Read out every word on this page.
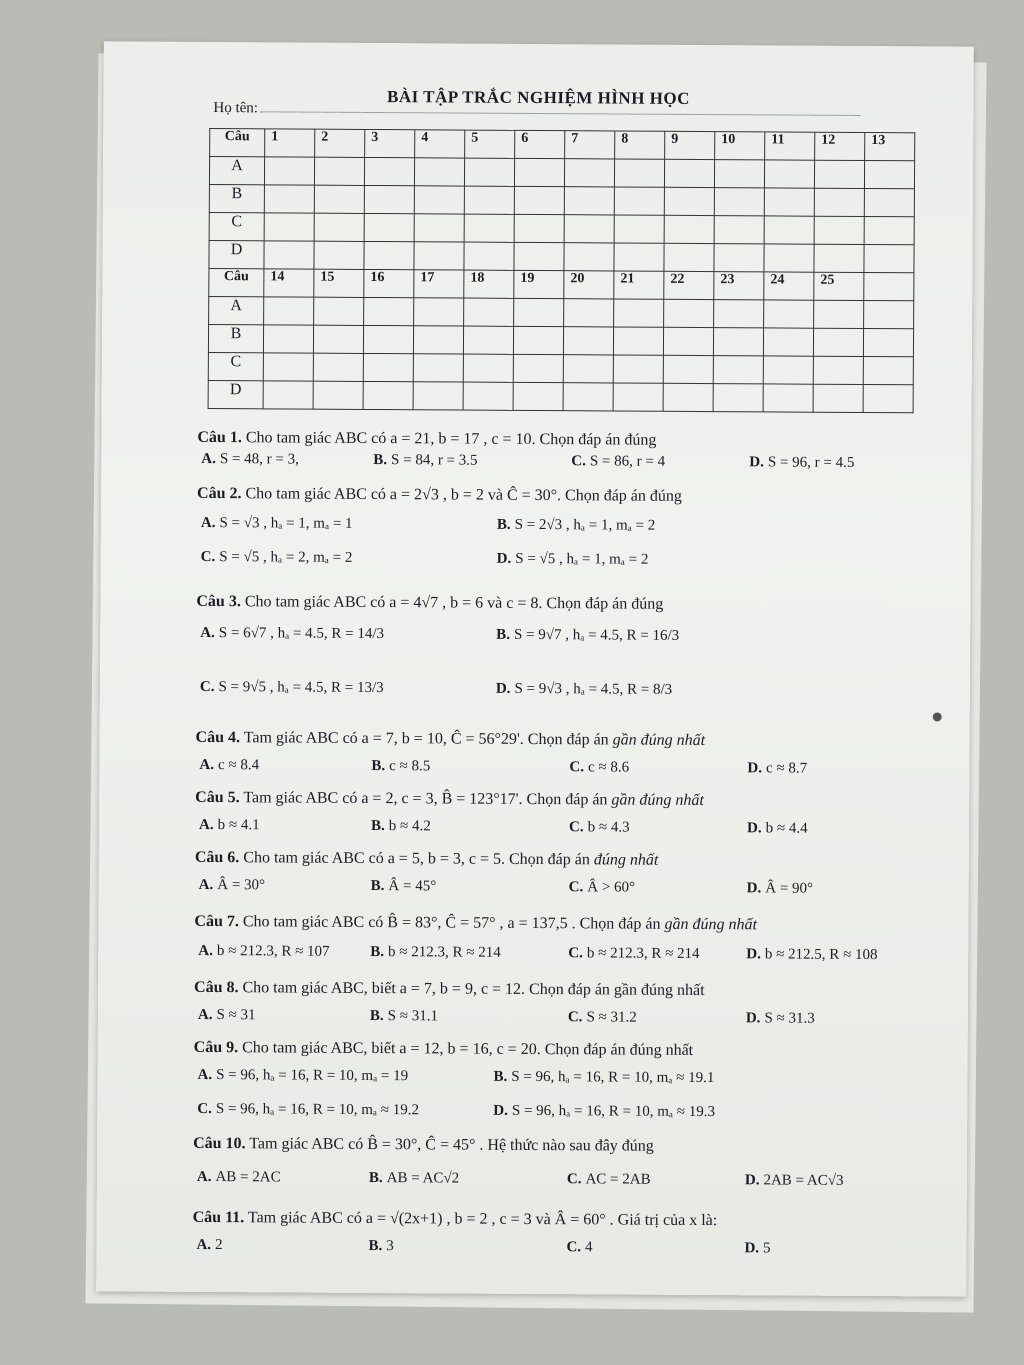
BÀI TẬP TRẮC NGHIỆM HÌNH HỌC
Họ tên:
Câu	1	2	3	4	5	6	7	8	9	10	11	12	13
A													
B													
C													
D													
Câu	14	15	16	17	18	19	20	21	22	23	24	25	
A													
B													
C													
D													
Câu 1. Cho tam giác ABC có a = 21, b = 17 , c = 10. Chọn đáp án đúng
A. S = 48, r = 3,	B. S = 84, r = 3.5	C. S = 86, r = 4	D. S = 96, r = 4.5
Câu 2. Cho tam giác ABC có a = 2√3 , b = 2 và Ĉ = 30°. Chọn đáp án đúng
A. S = √3 , hₐ = 1, mₐ = 1	B. S = 2√3 , hₐ = 1, mₐ = 2
C. S = √5 , hₐ = 2, mₐ = 2	D. S = √5 , hₐ = 1, mₐ = 2
Câu 3. Cho tam giác ABC có a = 4√7 , b = 6 và c = 8. Chọn đáp án đúng
A. S = 6√7 , hₐ = 4.5, R = 14/3	B. S = 9√7 , hₐ = 4.5, R = 16/3
C. S = 9√5 , hₐ = 4.5, R = 13/3	D. S = 9√3 , hₐ = 4.5, R = 8/3
Câu 4. Tam giác ABC có a = 7, b = 10, Ĉ = 56°29'. Chọn đáp án gần đúng nhất
A. c ≈ 8.4	B. c ≈ 8.5	C. c ≈ 8.6	D. c ≈ 8.7
Câu 5. Tam giác ABC có a = 2, c = 3, B̂ = 123°17'. Chọn đáp án gần đúng nhất
A. b ≈ 4.1	B. b ≈ 4.2	C. b ≈ 4.3	D. b ≈ 4.4
Câu 6. Cho tam giác ABC có a = 5, b = 3, c = 5. Chọn đáp án đúng nhất
A. Â = 30°	B. Â = 45°	C. Â > 60°	D. Â = 90°
Câu 7. Cho tam giác ABC có B̂ = 83°, Ĉ = 57° , a = 137,5 . Chọn đáp án gần đúng nhất
A. b ≈ 212.3, R ≈ 107	B. b ≈ 212.3, R ≈ 214	C. b ≈ 212.3, R ≈ 214	D. b ≈ 212.5, R ≈ 108
Câu 8. Cho tam giác ABC, biết a = 7, b = 9, c = 12. Chọn đáp án gần đúng nhất
A. S ≈ 31	B. S ≈ 31.1	C. S ≈ 31.2	D. S ≈ 31.3
Câu 9. Cho tam giác ABC, biết a = 12, b = 16, c = 20. Chọn đáp án đúng nhất
A. S = 96, hₐ = 16, R = 10, mₐ = 19	B. S = 96, hₐ = 16, R = 10, mₐ ≈ 19.1
C. S = 96, hₐ = 16, R = 10, mₐ ≈ 19.2	D. S = 96, hₐ = 16, R = 10, mₐ ≈ 19.3
Câu 10. Tam giác ABC có B̂ = 30°, Ĉ = 45° . Hệ thức nào sau đây đúng
A. AB = 2AC	B. AB = AC√2	C. AC = 2AB	D. 2AB = AC√3
Câu 11. Tam giác ABC có a = √(2x+1) , b = 2 , c = 3 và Â = 60° . Giá trị của x là:
A. 2	B. 3	C. 4	D. 5
